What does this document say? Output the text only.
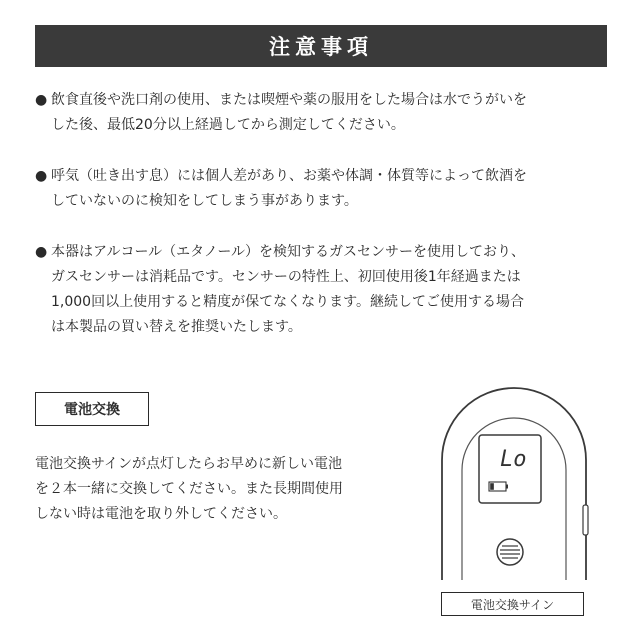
注意事項
● 飲食直後や洗口剤の使用、または喫煙や薬の服用をした場合は水でうがいを
した後、最低20分以上経過してから測定してください。
● 呼気（吐き出す息）には個人差があり、お薬や体調・体質等によって飲酒を
していないのに検知をしてしまう事があります。
● 本器はアルコール（エタノール）を検知するガスセンサーを使用しており、
ガスセンサーは消耗品です。センサーの特性上、初回使用後1年経過または
1,000回以上使用すると精度が保てなくなります。継続してご使用する場合
は本製品の買い替えを推奨いたします。
電池交換
電池交換サインが点灯したらお早めに新しい電池
を２本一緒に交換してください。また長期間使用
しない時は電池を取り外してください。
Lo
電池交換サイン
